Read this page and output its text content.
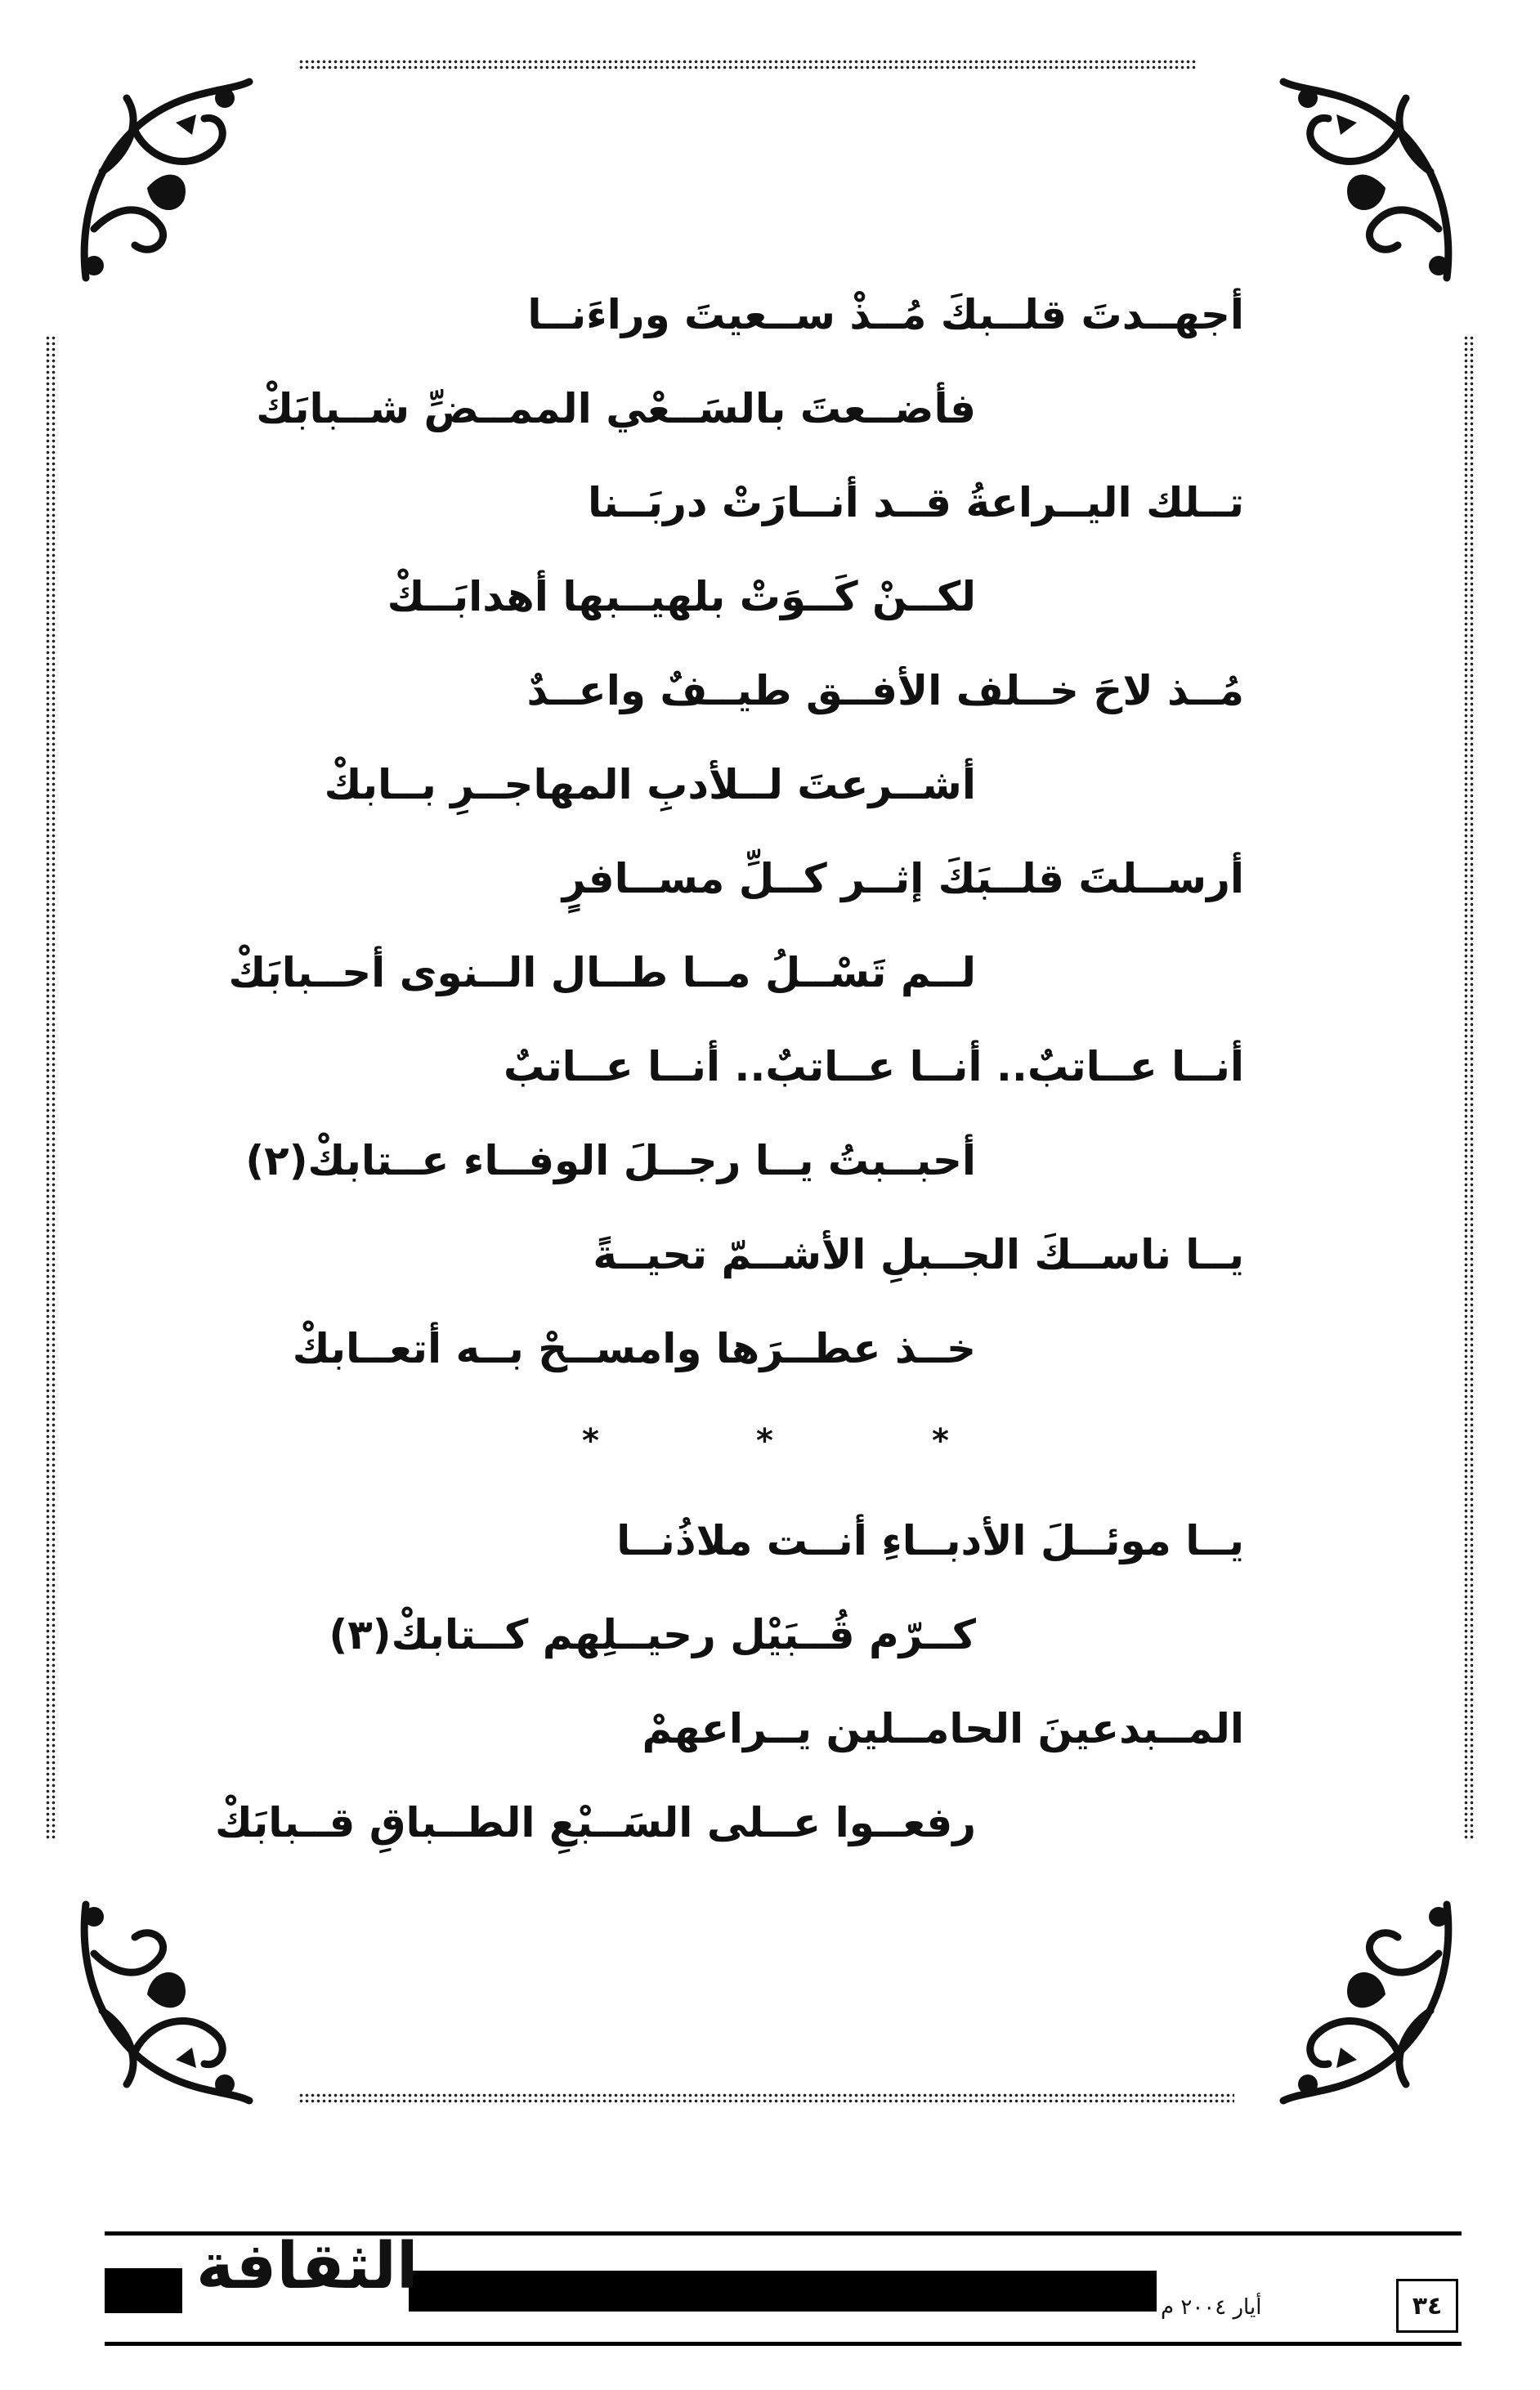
أجهــدتَ قلــبكَ مُــذْ ســعيتَ وراءَنــا
فأضــعتَ بالسَــعْي الممــضِّ شــبابَكْ
تــلك اليــراعةُ قــد أنــارَتْ دربَــنا
لكــنْ كَــوَتْ بلهيــبها أهدابَــكْ
مُــذ لاحَ خــلف الأفــق طيــفٌ واعــدٌ
أشــرعتَ لــلأدبِ المهاجــرِ بــابكْ
أرســلتَ قلــبَكَ إثــر كــلِّ مســافرٍ
لــم تَسْــلُ مــا طــال الــنوى أحــبابَكْ
أنــا عــاتبٌ.. أنــا عــاتبٌ.. أنــا عــاتبٌ
أحبــبتُ يــا رجــلَ الوفــاء عــتابكْ(٢)
يــا ناســكَ الجــبلِ الأشــمّ تحيــةً
خــذ عطــرَها وامســحْ بــه أتعــابكْ
*
*
*
يــا موئــلَ الأدبــاءِ أنــت ملاذُنــا
كــرّم قُــبَيْل رحيــلِهم كــتابكْ(٣)
المــبدعينَ الحامــلين يــراعهمْ
رفعــوا عــلى السَــبْعِ الطــباقِ قــبابَكْ
الثقافة
أيار ٢٠٠٤ م	٣٤
